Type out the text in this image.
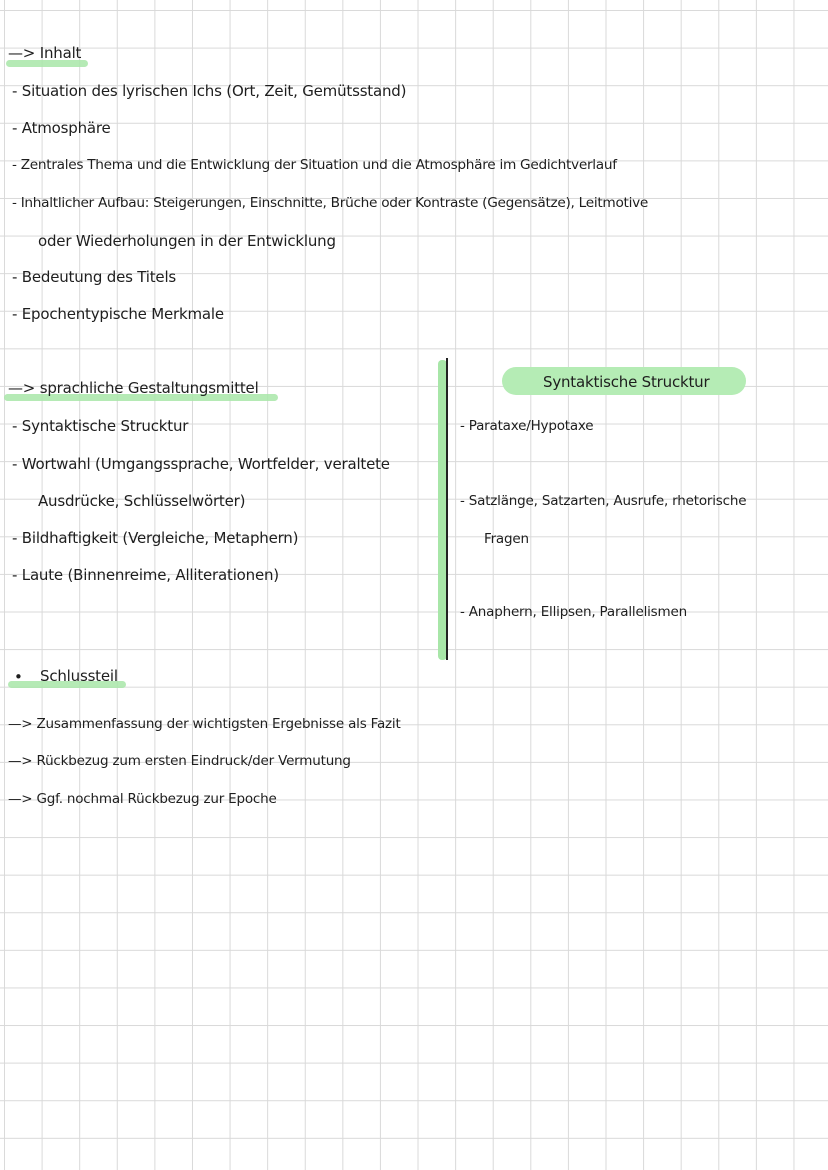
—> Inhalt
- Situation des lyrischen Ichs (Ort, Zeit, Gemütsstand)
- Atmosphäre
- Zentrales Thema und die Entwicklung der Situation und die Atmosphäre im Gedichtverlauf
- Inhaltlicher Aufbau: Steigerungen, Einschnitte, Brüche oder Kontraste (Gegensätze), Leitmotive
oder Wiederholungen in der Entwicklung
- Bedeutung des Titels
- Epochentypische Merkmale
—> sprachliche Gestaltungsmittel
- Syntaktische Strucktur
- Wortwahl (Umgangssprache, Wortfelder, veraltete
Ausdrücke, Schlüsselwörter)
- Bildhaftigkeit (Vergleiche, Metaphern)
- Laute (Binnenreime, Alliterationen)
Syntaktische Strucktur
- Parataxe/Hypotaxe
- Satzlänge, Satzarten, Ausrufe, rhetorische
Fragen
- Anaphern, Ellipsen, Parallelismen
• Schlussteil
—> Zusammenfassung der wichtigsten Ergebnisse als Fazit
—> Rückbezug zum ersten Eindruck/der Vermutung
—> Ggf. nochmal Rückbezug zur Epoche
